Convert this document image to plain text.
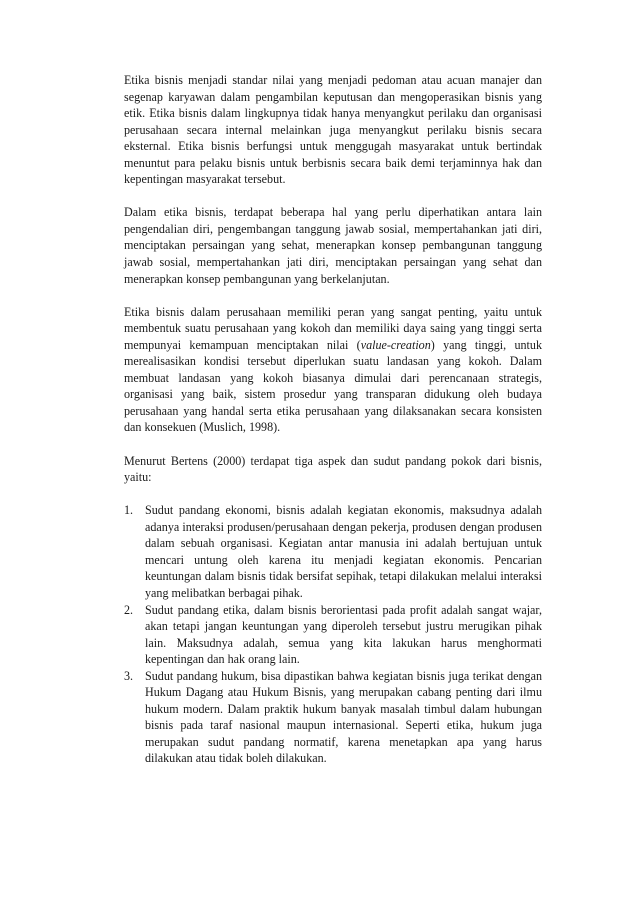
Etika bisnis menjadi standar nilai yang menjadi pedoman atau acuan manajer dan segenap karyawan dalam pengambilan keputusan dan mengoperasikan bisnis yang etik. Etika bisnis dalam lingkupnya tidak hanya menyangkut perilaku dan organisasi perusahaan secara internal melainkan juga menyangkut perilaku bisnis secara eksternal. Etika bisnis berfungsi untuk menggugah masyarakat untuk bertindak menuntut para pelaku bisnis untuk berbisnis secara baik demi terjaminnya hak dan kepentingan masyarakat tersebut.

Dalam etika bisnis, terdapat beberapa hal yang perlu diperhatikan antara lain pengendalian diri, pengembangan tanggung jawab sosial, mempertahankan jati diri, menciptakan persaingan yang sehat, menerapkan konsep pembangunan tanggung jawab sosial, mempertahankan jati diri, menciptakan persaingan yang sehat dan menerapkan konsep pembangunan yang berkelanjutan.

Etika bisnis dalam perusahaan memiliki peran yang sangat penting, yaitu untuk membentuk suatu perusahaan yang kokoh dan memiliki daya saing yang tinggi serta mempunyai kemampuan menciptakan nilai (value-creation) yang tinggi, untuk merealisasikan kondisi tersebut diperlukan suatu landasan yang kokoh. Dalam membuat landasan yang kokoh biasanya dimulai dari perencanaan strategis, organisasi yang baik, sistem prosedur yang transparan didukung oleh budaya perusahaan yang handal serta etika perusahaan yang dilaksanakan secara konsisten dan konsekuen (Muslich, 1998).

Menurut Bertens (2000) terdapat tiga aspek dan sudut pandang pokok dari bisnis, yaitu:

1. Sudut pandang ekonomi, bisnis adalah kegiatan ekonomis, maksudnya adalah adanya interaksi produsen/perusahaan dengan pekerja, produsen dengan produsen dalam sebuah organisasi. Kegiatan antar manusia ini adalah bertujuan untuk mencari untung oleh karena itu menjadi kegiatan ekonomis. Pencarian keuntungan dalam bisnis tidak bersifat sepihak, tetapi dilakukan melalui interaksi yang melibatkan berbagai pihak.
2. Sudut pandang etika, dalam bisnis berorientasi pada profit adalah sangat wajar, akan tetapi jangan keuntungan yang diperoleh tersebut justru merugikan pihak lain. Maksudnya adalah, semua yang kita lakukan harus menghormati kepentingan dan hak orang lain.
3. Sudut pandang hukum, bisa dipastikan bahwa kegiatan bisnis juga terikat dengan Hukum Dagang atau Hukum Bisnis, yang merupakan cabang penting dari ilmu hukum modern. Dalam praktik hukum banyak masalah timbul dalam hubungan bisnis pada taraf nasional maupun internasional. Seperti etika, hukum juga merupakan sudut pandang normatif, karena menetapkan apa yang harus dilakukan atau tidak boleh dilakukan.
